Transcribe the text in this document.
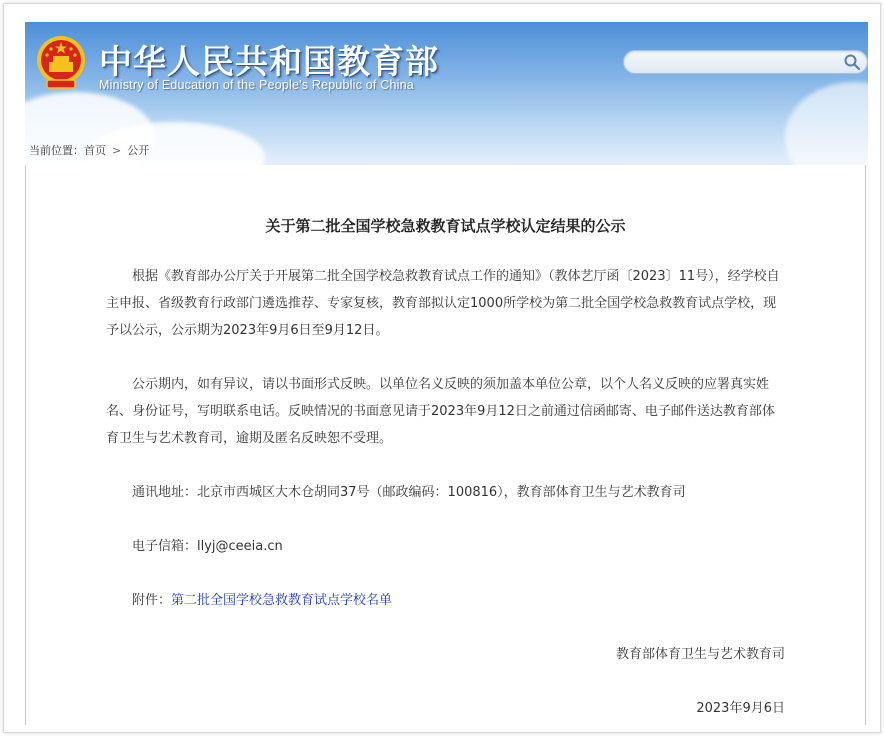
中华人民共和国教育部
Ministry of Education of the People's Republic of China
当前位置： 首页 > 公开
关于第二批全国学校急救教育试点学校认定结果的公示

根据《教育部办公厅关于开展第二批全国学校急救教育试点工作的通知》（教体艺厅函〔2023〕11号），经学校自主申报、省级教育行政部门遴选推荐、专家复核，教育部拟认定1000所学校为第二批全国学校急救教育试点学校，现予以公示，公示期为2023年9月6日至9月12日。

公示期内，如有异议，请以书面形式反映。以单位名义反映的须加盖本单位公章，以个人名义反映的应署真实姓名、身份证号，写明联系电话。反映情况的书面意见请于2023年9月12日之前通过信函邮寄、电子邮件送达教育部体育卫生与艺术教育司，逾期及匿名反映恕不受理。

通讯地址：北京市西城区大木仓胡同37号（邮政编码：100816），教育部体育卫生与艺术教育司
电子信箱：llyj@ceeia.cn
附件：第二批全国学校急救教育试点学校名单
教育部体育卫生与艺术教育司
2023年9月6日
